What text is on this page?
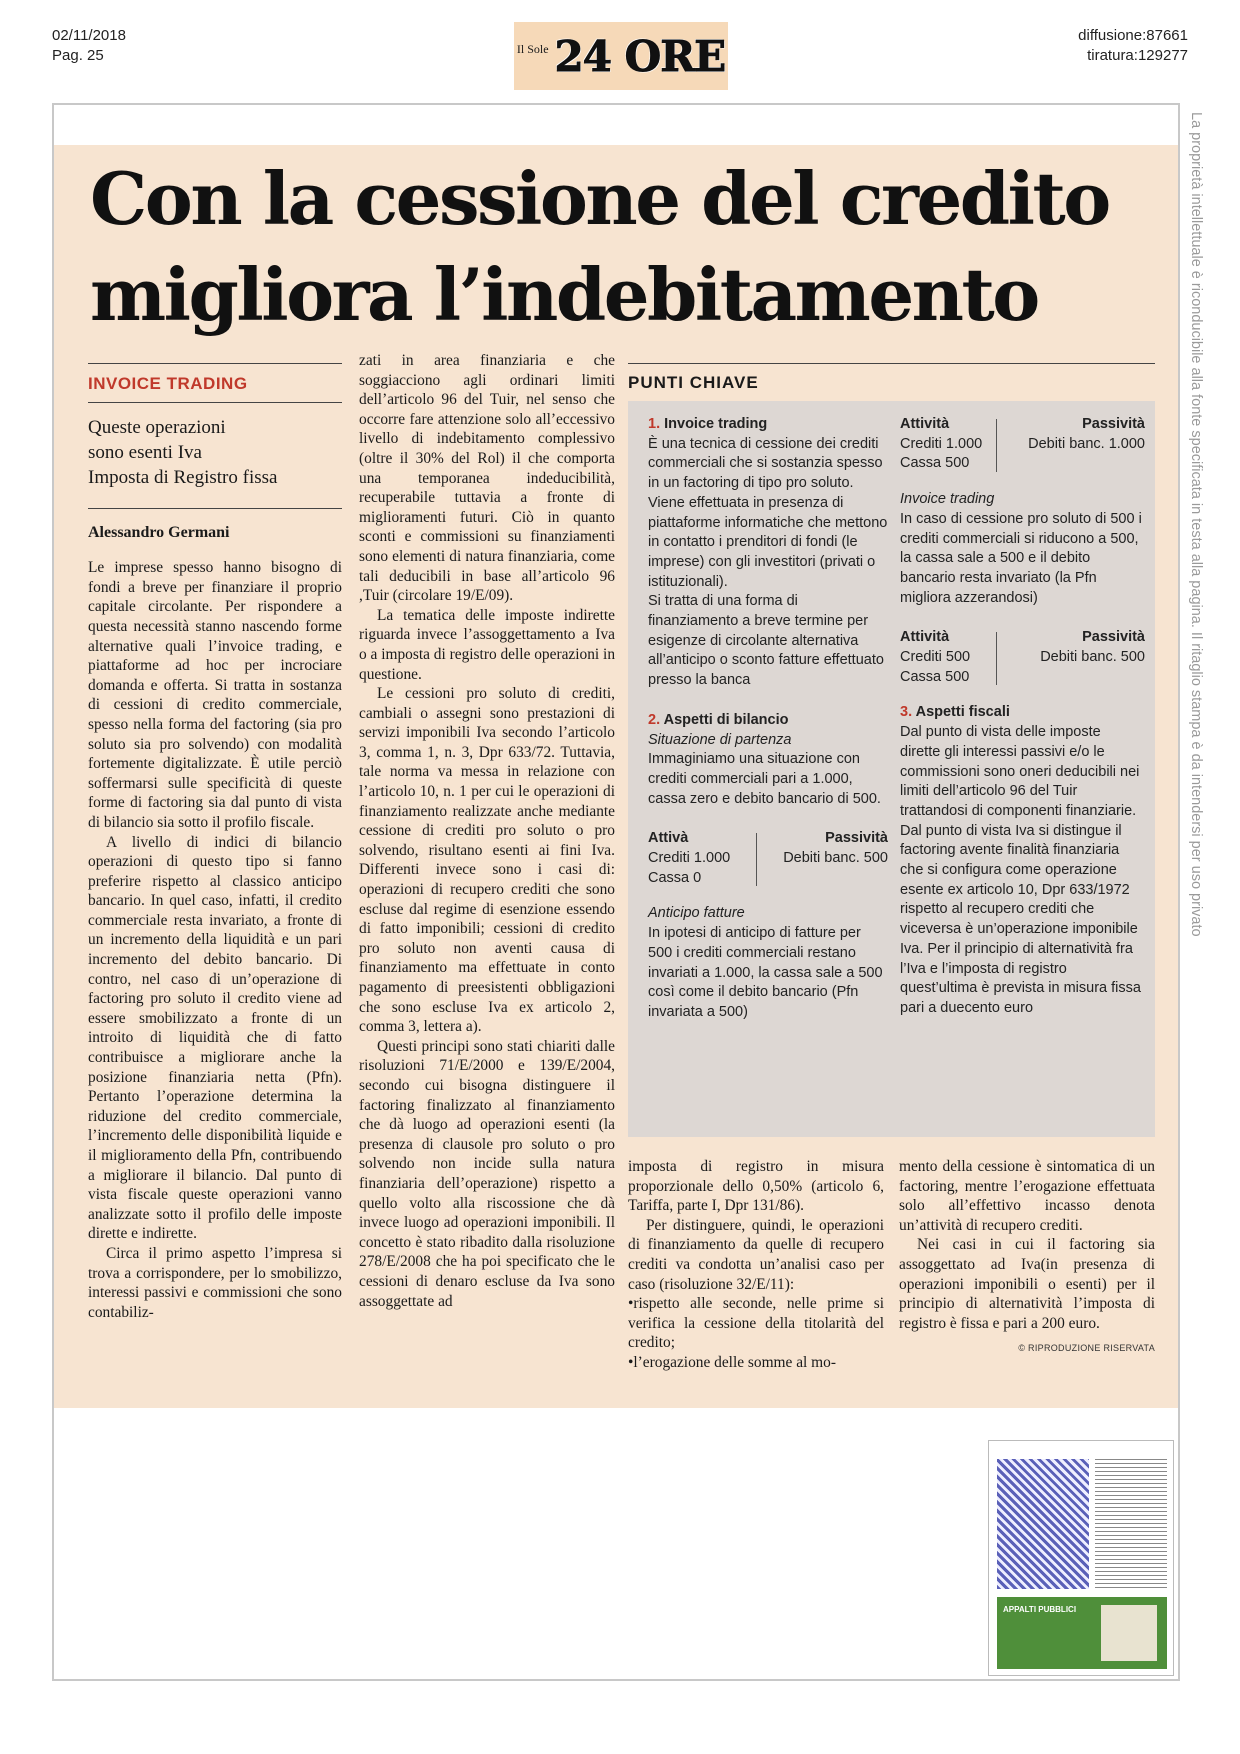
02/11/2018
Pag. 25	Il Sole 24 ORE	diffusione:87661
tiratura:129277
La proprietà intellettuale è riconducibile alla fonte specificata in testa alla pagina. Il ritaglio stampa è da intendersi per uso privato
Con la cessione del credito
migliora l’indebitamento
INVOICE TRADING
Queste operazioni
sono esenti Iva
Imposta di Registro fissa
Alessandro Germani

Le imprese spesso hanno bisogno di fondi a breve per finanziare il proprio capitale circolante. Per rispondere a questa necessità stanno nascendo forme alternative quali l’invoice trading, e piattaforme ad hoc per incrociare domanda e offerta. Si tratta in sostanza di cessioni di credito commerciale, spesso nella forma del factoring (sia pro soluto sia pro solvendo) con modalità fortemente digitalizzate. È utile perciò soffermarsi sulle specificità di queste forme di factoring sia dal punto di vista di bilancio sia sotto il profilo fiscale.

A livello di indici di bilancio operazioni di questo tipo si fanno preferire rispetto al classico anticipo bancario. In quel caso, infatti, il credito commerciale resta invariato, a fronte di un incremento della liquidità e un pari incremento del debito bancario. Di contro, nel caso di un’operazione di factoring pro soluto il credito viene ad essere smobilizzato a fronte di un introito di liquidità che di fatto contribuisce a migliorare anche la posizione finanziaria netta (Pfn). Pertanto l’operazione determina la riduzione del credito commerciale, l’incremento delle disponibilità liquide e il miglioramento della Pfn, contribuendo a migliorare il bilancio. Dal punto di vista fiscale queste operazioni vanno analizzate sotto il profilo delle imposte dirette e indirette.

Circa il primo aspetto l’impresa si trova a corrispondere, per lo smobilizzo, interessi passivi e commissioni che sono contabiliz-

zati in area finanziaria e che soggiacciono agli ordinari limiti dell’articolo 96 del Tuir, nel senso che occorre fare attenzione solo all’eccessivo livello di indebitamento complessivo (oltre il 30% del Rol) il che comporta una temporanea indeducibilità, recuperabile tuttavia a fronte di miglioramenti futuri. Ciò in quanto sconti e commissioni su finanziamenti sono elementi di natura finanziaria, come tali deducibili in base all’articolo 96 ,Tuir (circolare 19/E/09).

La tematica delle imposte indirette riguarda invece l’assoggettamento a Iva o a imposta di registro delle operazioni in questione.

Le cessioni pro soluto di crediti, cambiali o assegni sono prestazioni di servizi imponibili Iva secondo l’articolo 3, comma 1, n. 3, Dpr 633/72. Tuttavia, tale norma va messa in relazione con l’articolo 10, n. 1 per cui le operazioni di finanziamento realizzate anche mediante cessione di crediti pro soluto o pro solvendo, risultano esenti ai fini Iva. Differenti invece sono i casi di: operazioni di recupero crediti che sono escluse dal regime di esenzione essendo di fatto imponibili; cessioni di credito pro soluto non aventi causa di finanziamento ma effettuate in conto pagamento di preesistenti obbligazioni che sono escluse Iva ex articolo 2, comma 3, lettera a).

Questi principi sono stati chiariti dalle risoluzioni 71/E/2000 e 139/E/2004, secondo cui bisogna distinguere il factoring finalizzato al finanziamento che dà luogo ad operazioni esenti (la presenza di clausole pro soluto o pro solvendo non incide sulla natura finanziaria dell’operazione) rispetto a quello volto alla riscossione che dà invece luogo ad operazioni imponibili. Il concetto è stato ribadito dalla risoluzione 278/E/2008 che ha poi specificato che le cessioni di denaro escluse da Iva sono assoggettate ad

PUNTI CHIAVE
1. Invoice trading
È una tecnica di cessione dei crediti commerciali che si sostanzia spesso in un factoring di tipo pro soluto. Viene effettuata in presenza di piattaforme informatiche che mettono in contatto i prenditori di fondi (le imprese) con gli investitori (privati o istituzionali).
Si tratta di una forma di finanziamento a breve termine per esigenze di circolante alternativa all’anticipo o sconto fatture effettuato presso la banca
2. Aspetti di bilancio
Situazione di partenza
Immaginiamo una situazione con crediti commerciali pari a 1.000, cassa zero e debito bancario di 500.
Attivà
Crediti 1.000
Cassa 0
Passività
Debiti banc. 500
Anticipo fatture
In ipotesi di anticipo di fatture per 500 i crediti commerciali restano invariati a 1.000, la cassa sale a 500 così come il debito bancario (Pfn invariata a 500)
Attività
Crediti 1.000
Cassa 500
Passività
Debiti banc. 1.000
Invoice trading
In caso di cessione pro soluto di 500 i crediti commerciali si riducono a 500, la cassa sale a 500 e il debito bancario resta invariato (la Pfn migliora azzerandosi)
Attività
Crediti 500
Cassa 500
Passività
Debiti banc. 500
3. Aspetti fiscali
Dal punto di vista delle imposte dirette gli interessi passivi e/o le commissioni sono oneri deducibili nei limiti dell’articolo 96 del Tuir trattandosi di componenti finanziarie.
Dal punto di vista Iva si distingue il factoring avente finalità finanziaria che si configura come operazione esente ex articolo 10, Dpr 633/1972 rispetto al recupero crediti che viceversa è un’operazione imponibile Iva. Per il principio di alternatività fra l’Iva e l’imposta di registro quest’ultima è prevista in misura fissa pari a duecento euro

imposta di registro in misura proporzionale dello 0,50% (articolo 6, Tariffa, parte I, Dpr 131/86).

Per distinguere, quindi, le operazioni di finanziamento da quelle di recupero crediti va condotta un’analisi caso per caso (risoluzione 32/E/11):

•rispetto alle seconde, nelle prime si verifica la cessione della titolarità del credito;

•l’erogazione delle somme al mo-

mento della cessione è sintomatica di un factoring, mentre l’erogazione effettuata solo all’effettivo incasso denota un’attività di recupero crediti.

Nei casi in cui il factoring sia assoggettato ad Iva(in presenza di operazioni imponibili o esenti) per il principio di alternatività l’imposta di registro è fissa e pari a 200 euro.

© RIPRODUZIONE RISERVATA
APPALTI PUBBLICI
